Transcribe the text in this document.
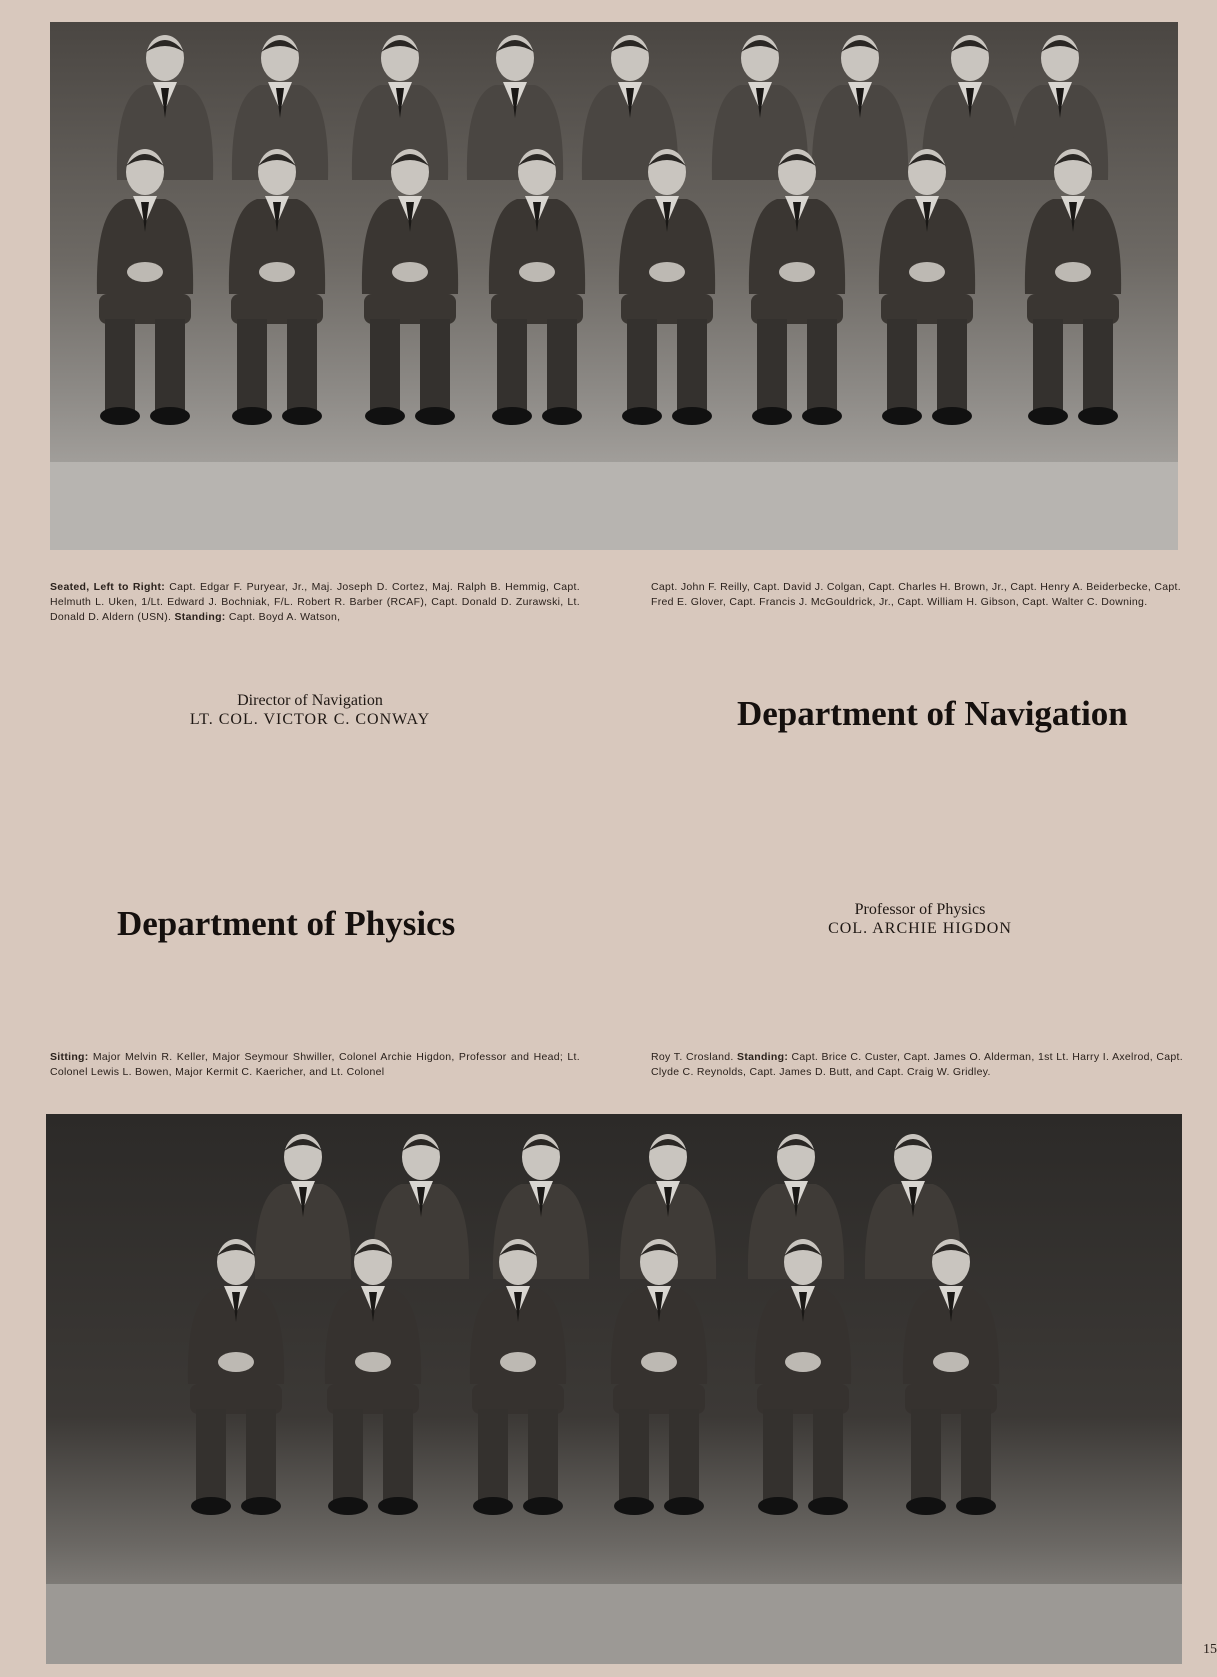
Seated, Left to Right: Capt. Edgar F. Puryear, Jr., Maj. Joseph D. Cortez, Maj. Ralph B. Hemmig, Capt. Helmuth L. Uken, 1/Lt. Edward J. Bochniak, F/L. Robert R. Barber (RCAF), Capt. Donald D. Zurawski, Lt. Donald D. Aldern (USN). Standing: Capt. Boyd A. Watson,
Capt. John F. Reilly, Capt. David J. Colgan, Capt. Charles H. Brown, Jr., Capt. Henry A. Beiderbecke, Capt. Fred E. Glover, Capt. Francis J. McGouldrick, Jr., Capt. William H. Gibson, Capt. Walter C. Downing.
Director of Navigation
LT. COL. VICTOR C. CONWAY	Department of Navigation
Department of Physics	Professor of Physics
COL. ARCHIE HIGDON
Sitting: Major Melvin R. Keller, Major Seymour Shwiller, Colonel Archie Higdon, Professor and Head; Lt. Colonel Lewis L. Bowen, Major Kermit C. Kaericher, and Lt. Colonel
Roy T. Crosland. Standing: Capt. Brice C. Custer, Capt. James O. Alderman, 1st Lt. Harry I. Axelrod, Capt. Clyde C. Reynolds, Capt. James D. Butt, and Capt. Craig W. Gridley.
15
